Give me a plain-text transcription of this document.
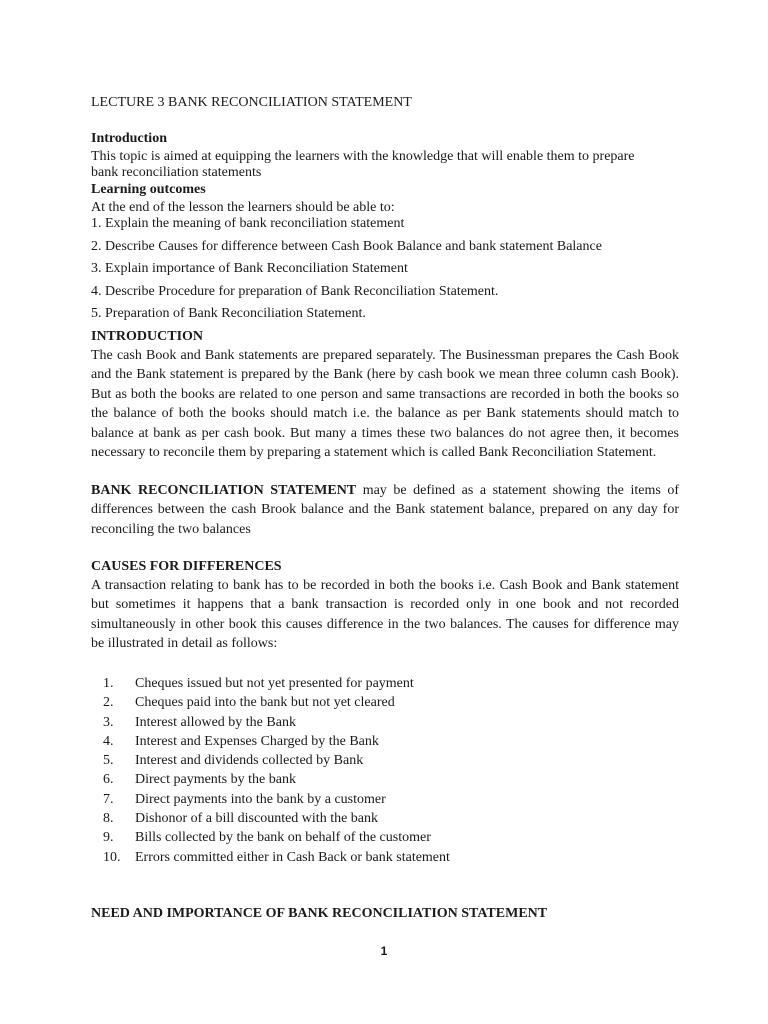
LECTURE 3 BANK RECONCILIATION STATEMENT

Introduction

This topic is aimed at equipping the learners with the knowledge that will enable them to prepare

bank reconciliation statements

Learning outcomes

At the end of the lesson the learners should be able to:

1. Explain the meaning of bank reconciliation statement

2. Describe Causes for difference between Cash Book Balance and bank statement Balance

3. Explain importance of Bank Reconciliation Statement

4. Describe Procedure for preparation of Bank Reconciliation Statement.

5. Preparation of Bank Reconciliation Statement.

INTRODUCTION

The cash Book and Bank statements are prepared separately. The Businessman prepares the Cash Book and the Bank statement is prepared by the Bank (here by cash book we mean three column cash Book). But as both the books are related to one person and same transactions are recorded in both the books so the balance of both the books should match i.e. the balance as per Bank statements should match to balance at bank as per cash book. But many a times these two balances do not agree then, it becomes necessary to reconcile them by preparing a statement which is called Bank Reconciliation Statement.

BANK RECONCILIATION STATEMENT may be defined as a statement showing the items of differences between the cash Brook balance and the Bank statement balance, prepared on any day for reconciling the two balances

CAUSES FOR DIFFERENCES

A transaction relating to bank has to be recorded in both the books i.e. Cash Book and Bank statement but sometimes it happens that a bank transaction is recorded only in one book and not recorded simultaneously in other book this causes difference in the two balances. The causes for difference may be illustrated in detail as follows:

1. Cheques issued but not yet presented for payment
2. Cheques paid into the bank but not yet cleared
3. Interest allowed by the Bank
4. Interest and Expenses Charged by the Bank
5. Interest and dividends collected by Bank
6. Direct payments by the bank
7. Direct payments into the bank by a customer
8. Dishonor of a bill discounted with the bank
9. Bills collected by the bank on behalf of the customer
10. Errors committed either in Cash Back or bank statement

NEED AND IMPORTANCE OF BANK RECONCILIATION STATEMENT

1
